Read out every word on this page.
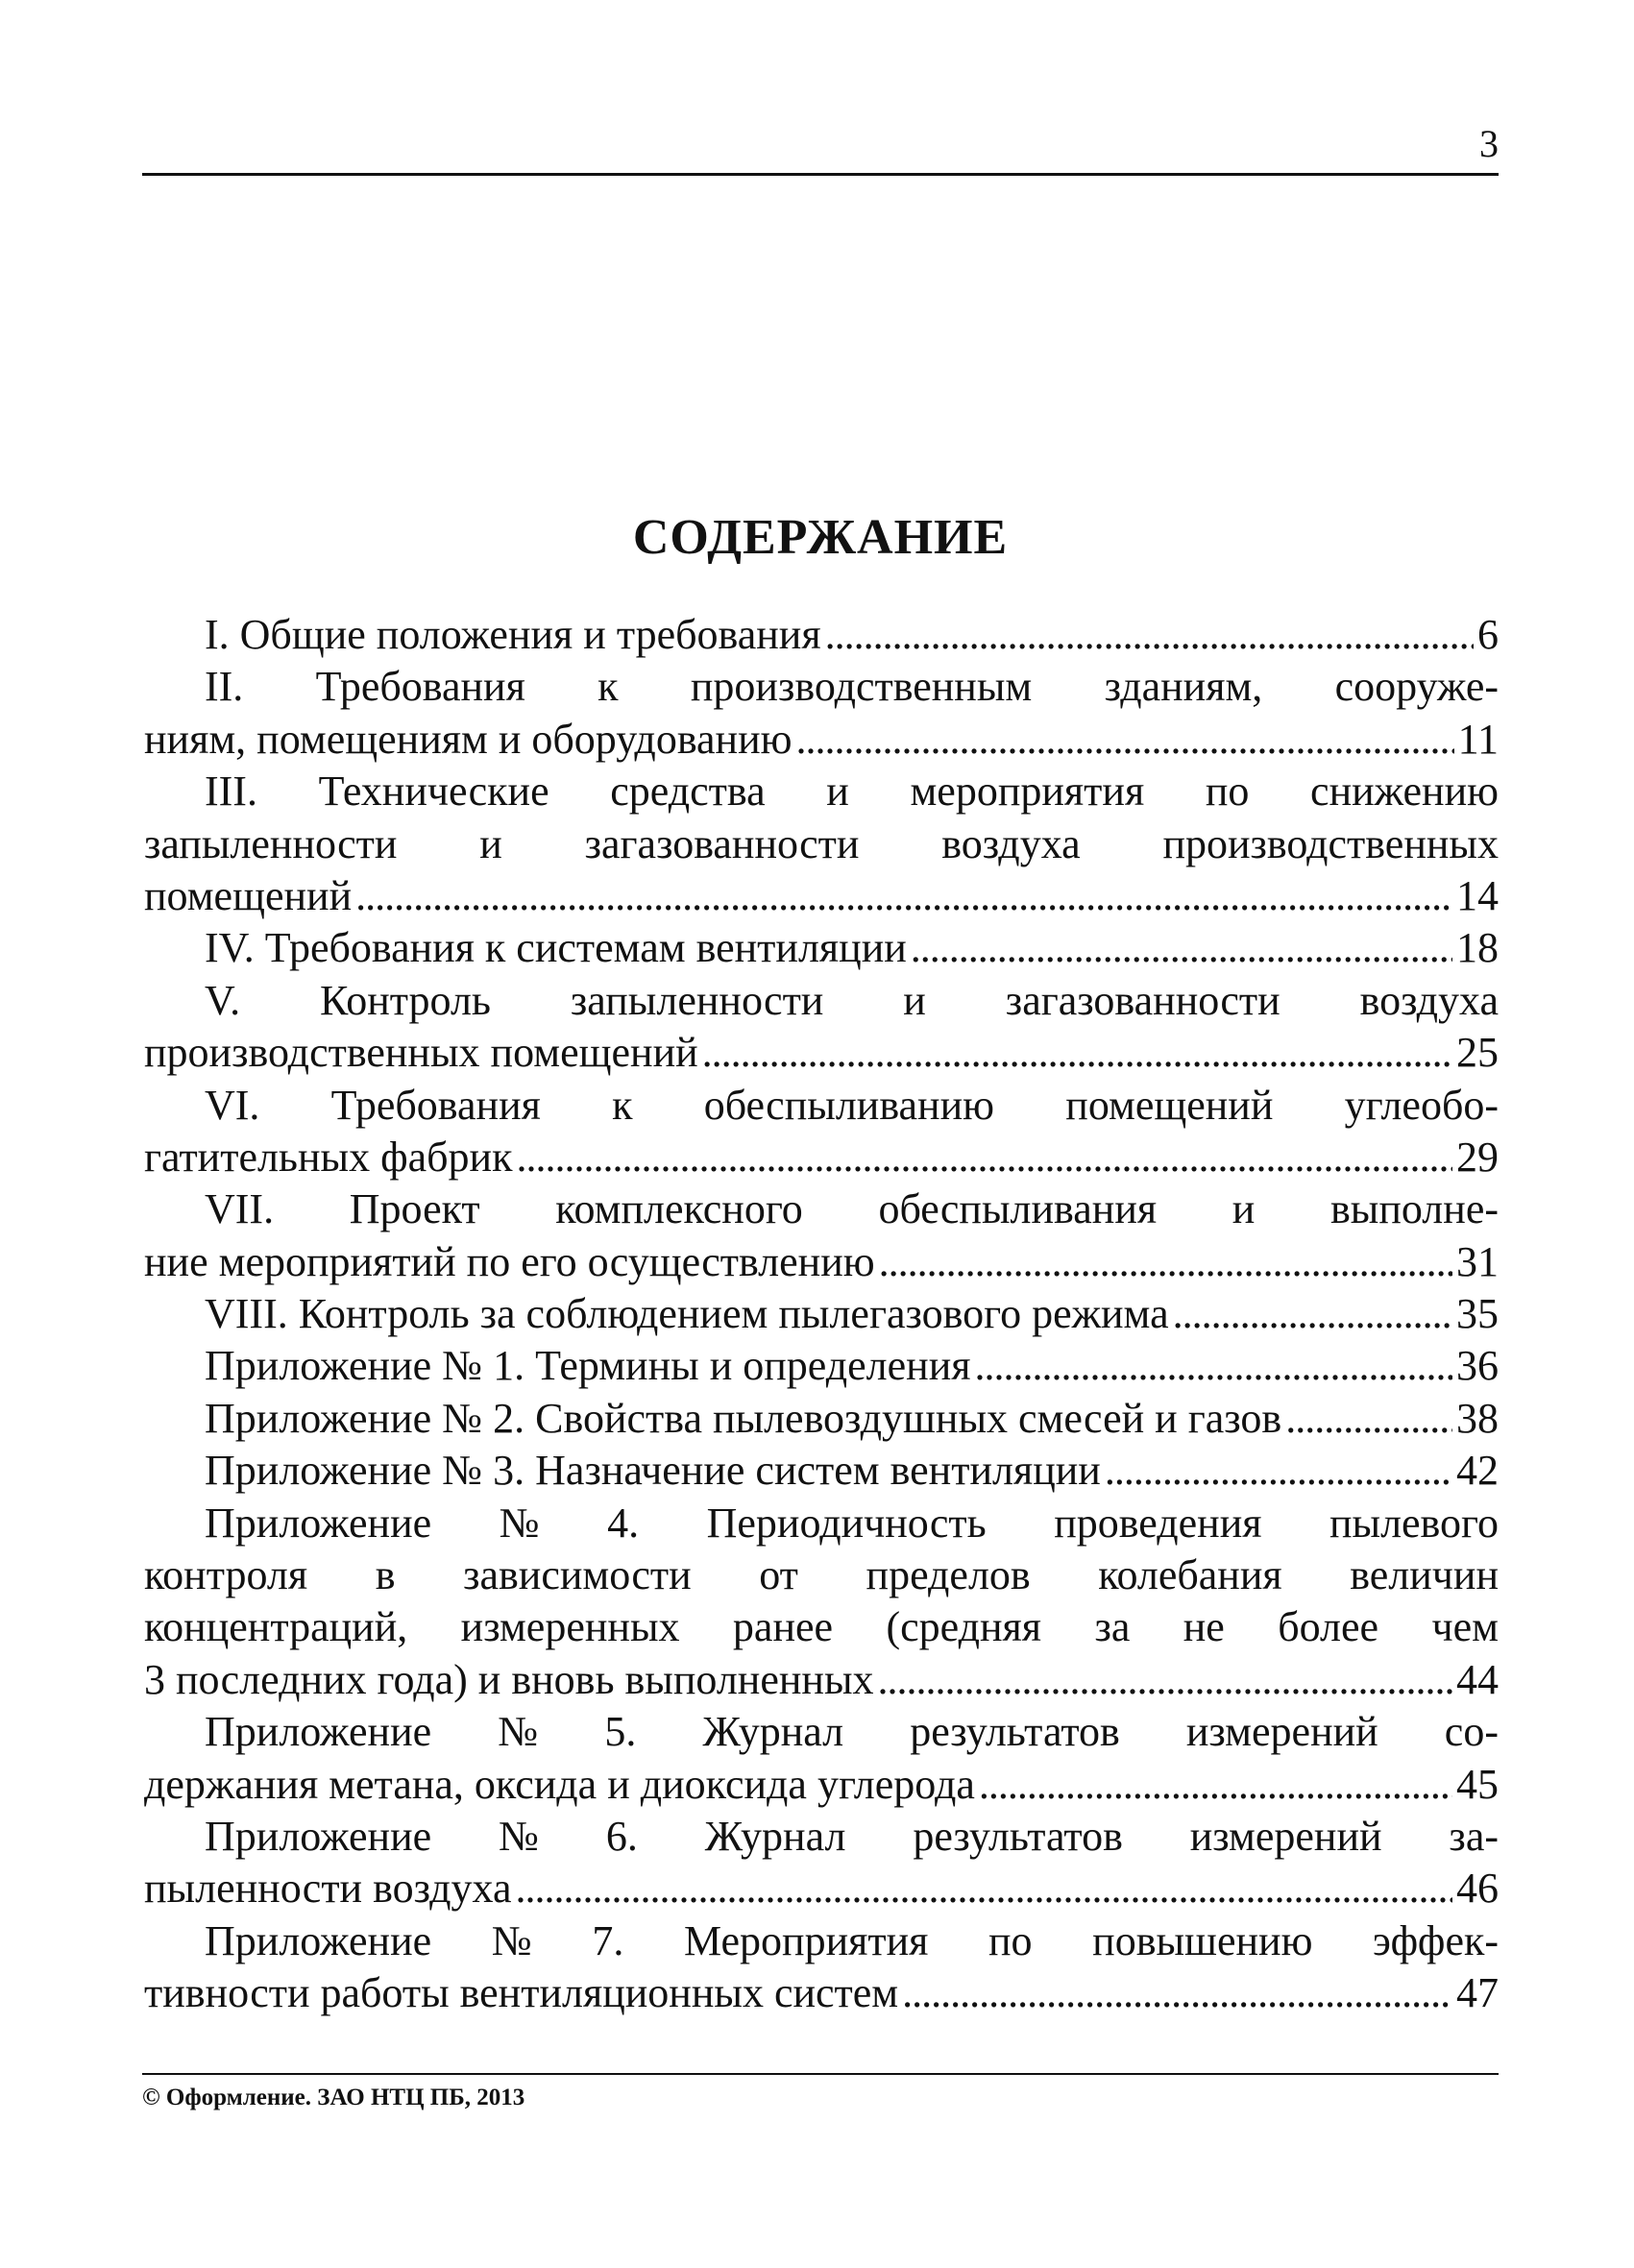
3
СОДЕРЖАНИЕ
I. Общие положения и требования . . .	6
II. Требования к производственным зданиям, сооруже-
ниям, помещениям и оборудованию . . .	11
III. Технические средства и мероприятия по снижению
запыленности и загазованности воздуха производственных
помещений . . .	14
IV. Требования к системам вентиляции . . .	18
V. Контроль запыленности и загазованности воздуха
производственных помещений . . .	25
VI. Требования к обеспыливанию помещений углеобо-
гатительных фабрик . . .	29
VII. Проект комплексного обеспыливания и выполне-
ние мероприятий по его осуществлению . . .	31
VIII. Контроль за соблюдением пылегазового режима . . .	35
Приложение № 1. Термины и определения . . .	36
Приложение № 2. Свойства пылевоздушных смесей и газов . . .	38
Приложение № 3. Назначение систем вентиляции . . .	42
Приложение № 4. Периодичность проведения пылевого
контроля в зависимости от пределов колебания величин
концентраций, измеренных ранее (средняя за не более чем
3 последних года) и вновь выполненных . . .	44
Приложение № 5. Журнал результатов измерений со-
держания метана, оксида и диоксида углерода . . .	45
Приложение № 6. Журнал результатов измерений за-
пыленности воздуха . . .	46
Приложение № 7. Мероприятия по повышению эффек-
тивности работы вентиляционных систем . . .	47
© Оформление. ЗАО НТЦ ПБ, 2013
